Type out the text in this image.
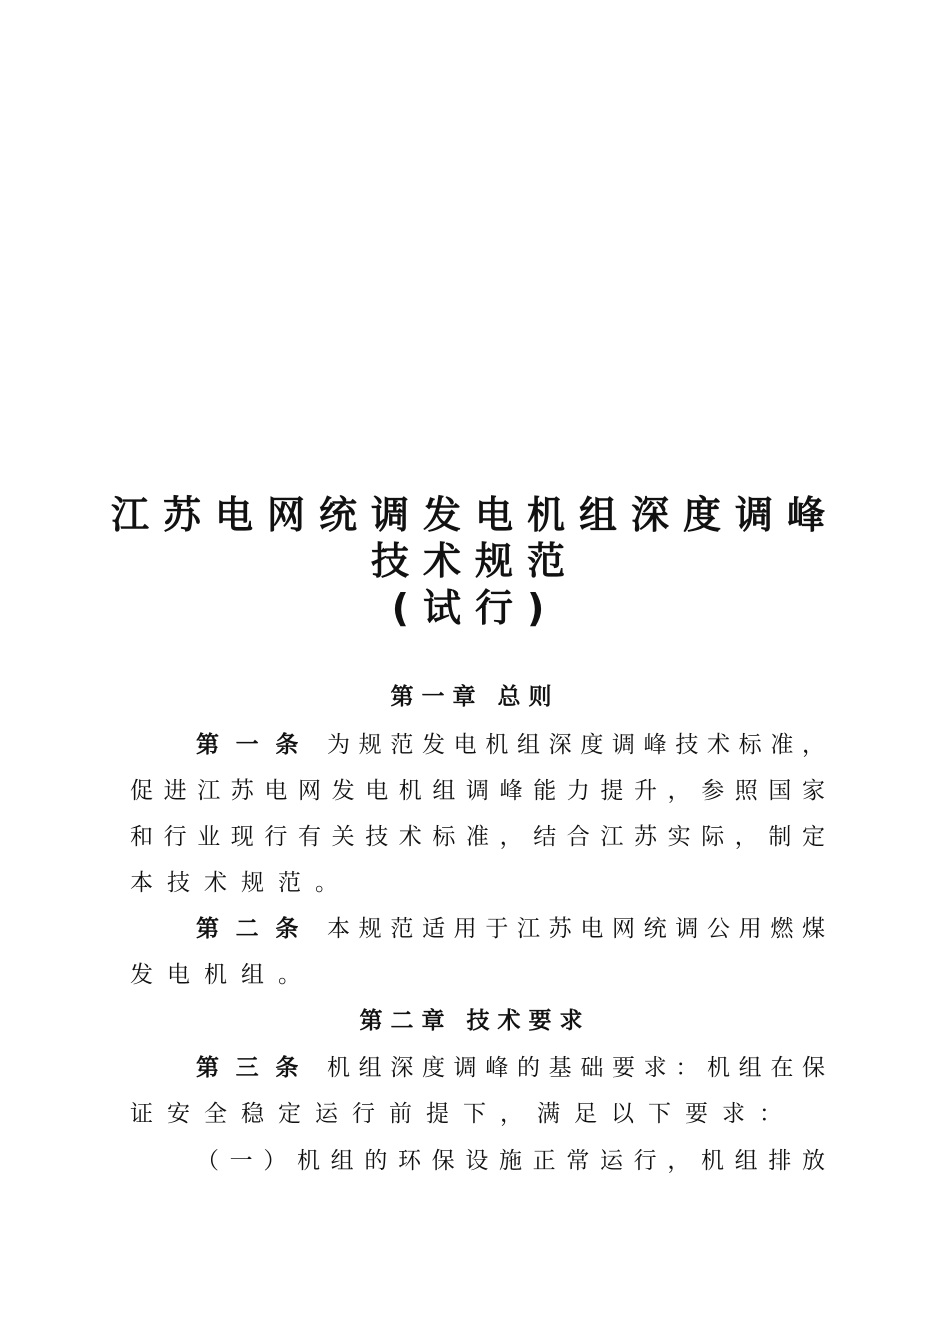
江苏电网统调发电机组深度调峰
技术规范
(试行)
第一章 总则
第一条 为规范发电机组深度调峰技术标准，
促进江苏电网发电机组调峰能力提升，参照国家
和行业现行有关技术标准，结合江苏实际，制定
本技术规范。
第二条 本规范适用于江苏电网统调公用燃煤
发电机组。
第二章 技术要求
第三条 机组深度调峰的基础要求：机组在保
证安全稳定运行前提下，满足以下要求：
（一）机组的环保设施正常运行，机组排放
